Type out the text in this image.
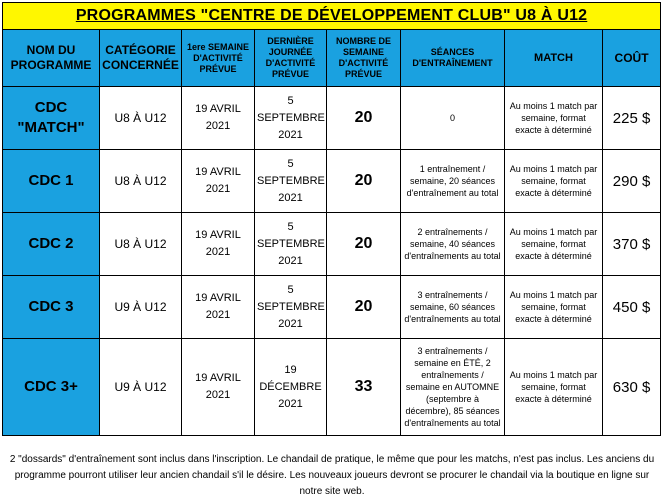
PROGRAMMES "CENTRE DE DÉVELOPPEMENT CLUB" U8 À U12							
NOM DU PROGRAMME	CATÉGORIE CONCERNÉE	1ere SEMAINE D'ACTIVITÉ PRÉVUE	DERNIÈRE JOURNÉE D'ACTIVITÉ PRÉVUE	NOMBRE DE SEMAINE D'ACTIVITÉ PRÉVUE	SÉANCES D'ENTRAÎNEMENT	MATCH	COÛT
CDC "MATCH"	U8 À U12	19 AVRIL 2021	5 SEPTEMBRE 2021	20	0	Au moins 1 match par semaine, format exacte à déterminé	225 $
CDC 1	U8 À U12	19 AVRIL 2021	5 SEPTEMBRE 2021	20	1 entraînement / semaine, 20 séances d'entraînement au total	Au moins 1 match par semaine, format exacte à déterminé	290 $
CDC 2	U8 À U12	19 AVRIL 2021	5 SEPTEMBRE 2021	20	2 entraînements / semaine, 40 séances d'entraînements au total	Au moins 1 match par semaine, format exacte à déterminé	370 $
CDC 3	U9 À U12	19 AVRIL 2021	5 SEPTEMBRE 2021	20	3 entraînements / semaine, 60 séances d'entraînements au total	Au moins 1 match par semaine, format exacte à déterminé	450 $
CDC 3+	U9 À U12	19 AVRIL 2021	19 DÉCEMBRE 2021	33	3 entraînements / semaine en ÉTÉ, 2 entraînements / semaine en AUTOMNE (septembre à décembre), 85 séances d'entraînements au total	Au moins 1 match par semaine, format exacte à déterminé	630 $
2 "dossards" d'entraînement sont inclus dans l'inscription. Le chandail de pratique, le même que pour les matchs, n'est pas inclus. Les anciens du programme pourront utiliser leur ancien chandail s'il le désire. Les nouveaux joueurs devront se procurer le chandail via la boutique en ligne sur notre site web.
